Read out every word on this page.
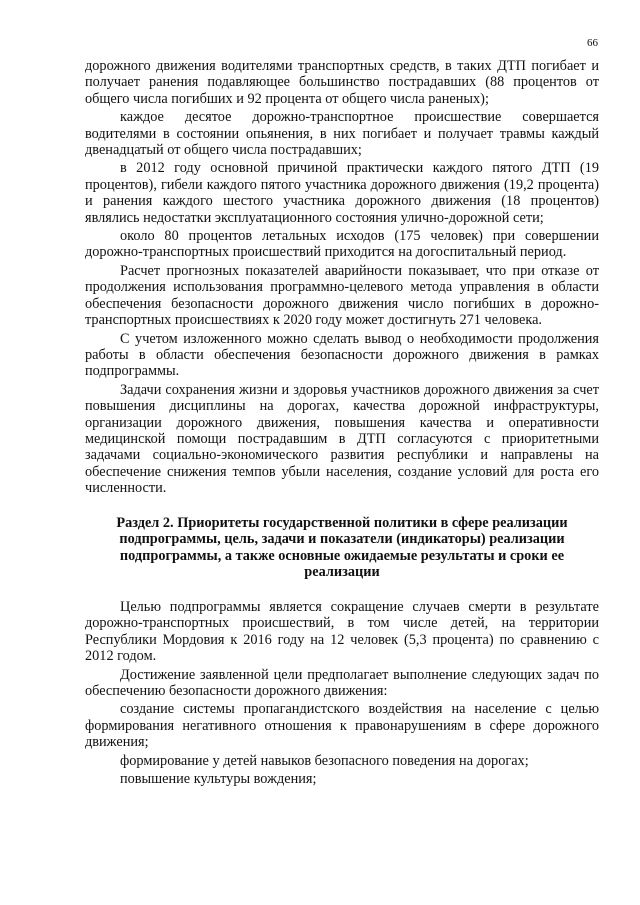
66

дорожного движения водителями транспортных средств, в таких ДТП погибает и получает ранения подавляющее большинство пострадавших (88 процентов от общего числа погибших и 92 процента от общего числа раненых);

каждое десятое дорожно-транспортное происшествие совершается водителями в состоянии опьянения, в них погибает и получает травмы каждый двенадцатый от общего числа пострадавших;

в 2012 году основной причиной практически каждого пятого ДТП (19 процентов), гибели каждого пятого участника дорожного движения (19,2 процента) и ранения каждого шестого участника дорожного движения (18 процентов) являлись недостатки эксплуатационного состояния улично-дорожной сети;

около 80 процентов летальных исходов (175 человек) при совершении дорожно-транспортных происшествий приходится на догоспитальный период.

Расчет прогнозных показателей аварийности показывает, что при отказе от продолжения использования программно-целевого метода управления в области обеспечения безопасности дорожного движения число погибших в дорожно-транспортных происшествиях к 2020 году может достигнуть 271 человека.

С учетом изложенного можно сделать вывод о необходимости продолжения работы в области обеспечения безопасности дорожного движения в рамках подпрограммы.

Задачи сохранения жизни и здоровья участников дорожного движения за счет повышения дисциплины на дорогах, качества дорожной инфраструктуры, организации дорожного движения, повышения качества и оперативности медицинской помощи пострадавшим в ДТП согласуются с приоритетными задачами социально-экономического развития республики и направлены на обеспечение снижения темпов убыли населения, создание условий для роста его численности.

Раздел 2. Приоритеты государственной политики в сфере реализации подпрограммы, цель, задачи и показатели (индикаторы) реализации подпрограммы, а также основные ожидаемые результаты и сроки ее реализации

Целью подпрограммы является сокращение случаев смерти в результате дорожно-транспортных происшествий, в том числе детей, на территории Республики Мордовия к 2016 году на 12 человек (5,3 процента) по сравнению с 2012 годом.

Достижение заявленной цели предполагает выполнение следующих задач по обеспечению безопасности дорожного движения:

создание системы пропагандистского воздействия на население с целью формирования негативного отношения к правонарушениям в сфере дорожного движения;

формирование у детей навыков безопасного поведения на дорогах;

повышение культуры вождения;
